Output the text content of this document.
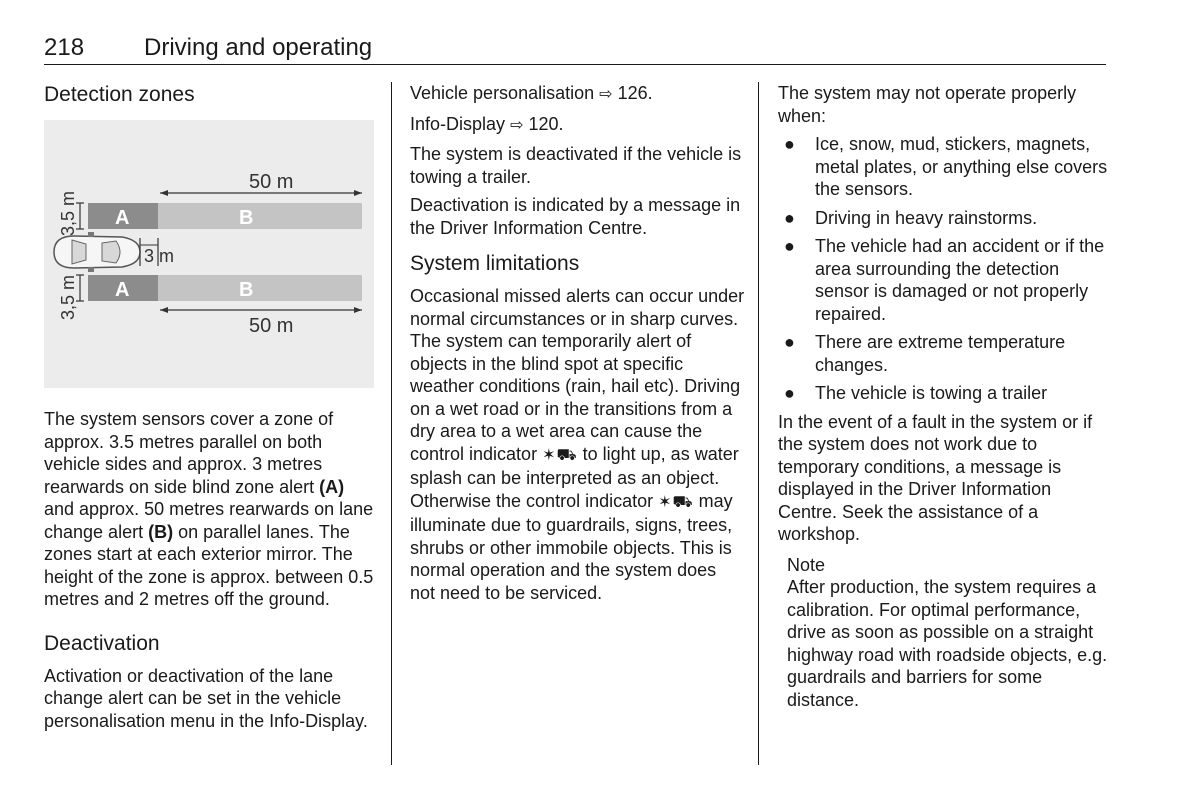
218 Driving and operating
Detection zones
50 m
A	B
3,5 m
3 m
A	B
3,5 m
50 m

The system sensors cover a zone of approx. 3.5 metres parallel on both vehicle sides and approx. 3 metres rearwards on side blind zone alert (A) and approx. 50 metres rearwards on lane change alert (B) on parallel lanes. The zones start at each exterior mirror. The height of the zone is approx. between 0.5 metres and 2 metres off the ground.

Deactivation

Activation or deactivation of the lane change alert can be set in the vehicle personalisation menu in the Info-Display.

Vehicle personalisation ⇨ 126.

Info-Display ⇨ 120.

The system is deactivated if the vehicle is towing a trailer.

Deactivation is indicated by a message in the Driver Information Centre.

System limitations

Occasional missed alerts can occur under normal circumstances or in sharp curves. The system can temporarily alert of objects in the blind spot at specific weather conditions (rain, hail etc). Driving on a wet road or in the transitions from a dry area to a wet area can cause the control indicator ✶⛟ to light up, as water splash can be interpreted as an object. Otherwise the control indicator ✶⛟ may illuminate due to guardrails, signs, trees, shrubs or other immobile objects. This is normal operation and the system does not need to be serviced.

The system may not operate properly when:

● Ice, snow, mud, stickers, magnets, metal plates, or anything else covers the sensors.
● Driving in heavy rainstorms.
● The vehicle had an accident or if the area surrounding the detection sensor is damaged or not properly repaired.
● There are extreme temperature changes.
● The vehicle is towing a trailer

In the event of a fault in the system or if the system does not work due to temporary conditions, a message is displayed in the Driver Information Centre. Seek the assistance of a workshop.

Note

After production, the system requires a calibration. For optimal performance, drive as soon as possible on a straight highway road with roadside objects, e.g. guardrails and barriers for some distance.
